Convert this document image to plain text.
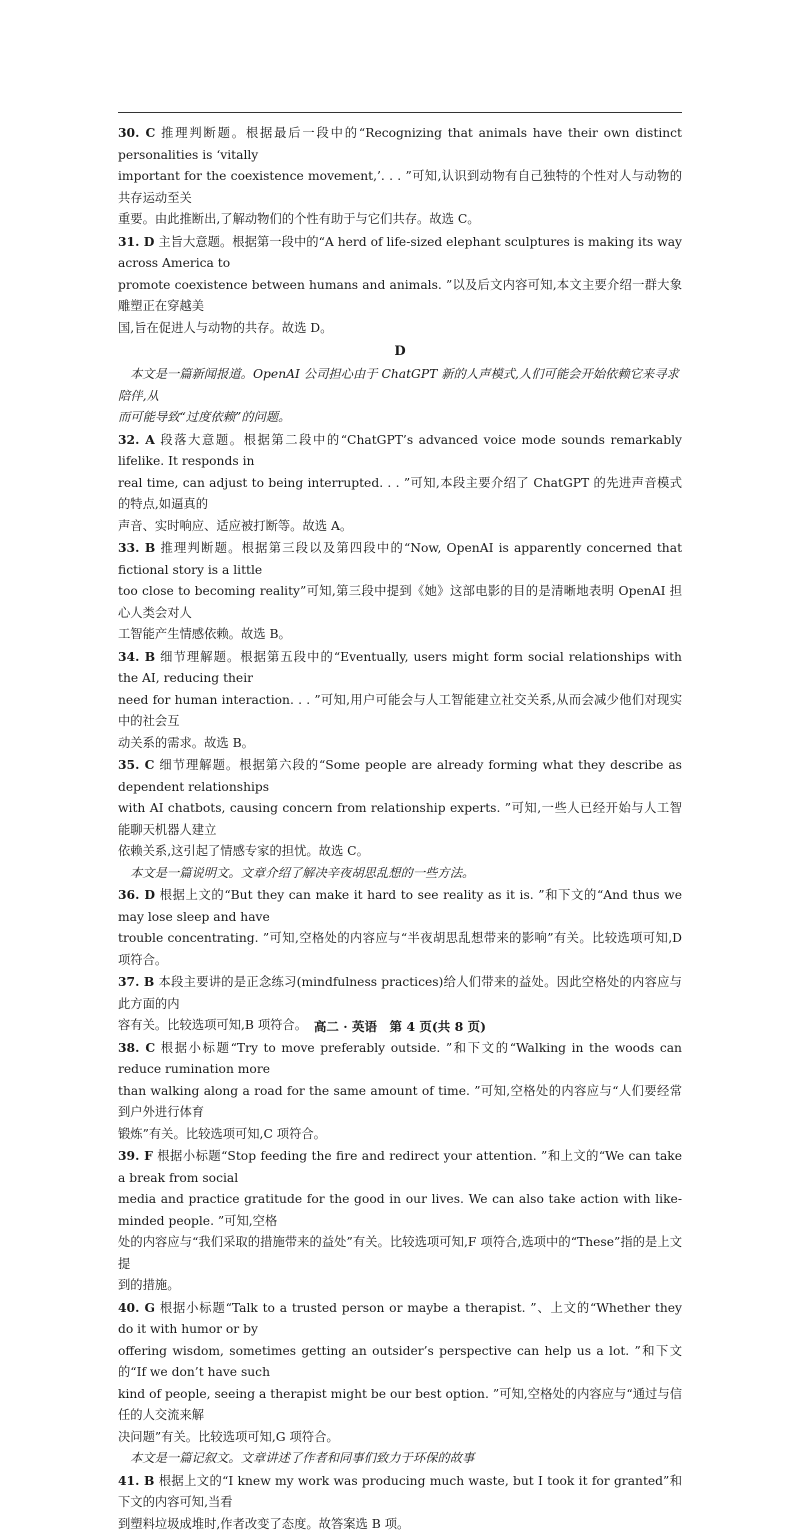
30. C 推理判断题。根据最后一段中的“Recognizing that animals have their own distinct personalities is ‘vitally
important for the coexistence movement,’. . . ”可知,认识到动物有自己独特的个性对人与动物的共存运动至关
重要。由此推断出,了解动物们的个性有助于与它们共存。故选 C。
31. D 主旨大意题。根据第一段中的“A herd of life-sized elephant sculptures is making its way across America to
promote coexistence between humans and animals. ”以及后文内容可知,本文主要介绍一群大象雕塑正在穿越美
国,旨在促进人与动物的共存。故选 D。
D
本文是一篇新闻报道。OpenAI 公司担心由于 ChatGPT 新的人声模式,人们可能会开始依赖它来寻求陪伴,从
而可能导致“过度依赖”的问题。
32. A 段落大意题。根据第二段中的“ChatGPT’s advanced voice mode sounds remarkably lifelike. It responds in
real time, can adjust to being interrupted. . . ”可知,本段主要介绍了 ChatGPT 的先进声音模式的特点,如逼真的
声音、实时响应、适应被打断等。故选 A。
33. B 推理判断题。根据第三段以及第四段中的“Now, OpenAI is apparently concerned that fictional story is a little
too close to becoming reality”可知,第三段中提到《她》这部电影的目的是清晰地表明 OpenAI 担心人类会对人
工智能产生情感依赖。故选 B。
34. B 细节理解题。根据第五段中的“Eventually, users might form social relationships with the AI, reducing their
need for human interaction. . . ”可知,用户可能会与人工智能建立社交关系,从而会减少他们对现实中的社会互
动关系的需求。故选 B。
35. C 细节理解题。根据第六段的“Some people are already forming what they describe as dependent relationships
with AI chatbots, causing concern from relationship experts. ”可知,一些人已经开始与人工智能聊天机器人建立
依赖关系,这引起了情感专家的担忧。故选 C。
本文是一篇说明文。文章介绍了解决辛夜胡思乱想的一些方法。
36. D 根据上文的“But they can make it hard to see reality as it is. ”和下文的“And thus we may lose sleep and have
trouble concentrating. ”可知,空格处的内容应与“半夜胡思乱想带来的影响”有关。比较选项可知,D 项符合。
37. B 本段主要讲的是正念练习(mindfulness practices)给人们带来的益处。因此空格处的内容应与此方面的内
容有关。比较选项可知,B 项符合。
38. C 根据小标题“Try to move preferably outside. ”和下文的“Walking in the woods can reduce rumination more
than walking along a road for the same amount of time. ”可知,空格处的内容应与“人们要经常到户外进行体育
锻炼”有关。比较选项可知,C 项符合。
39. F 根据小标题“Stop feeding the fire and redirect your attention. ”和上文的“We can take a break from social
media and practice gratitude for the good in our lives. We can also take action with like-minded people. ”可知,空格
处的内容应与“我们采取的措施带来的益处”有关。比较选项可知,F 项符合,选项中的“These”指的是上文提
到的措施。
40. G 根据小标题“Talk to a trusted person or maybe a therapist. ”、上文的“Whether they do it with humor or by
offering wisdom, sometimes getting an outsider’s perspective can help us a lot. ”和下文的“If we don’t have such
kind of people, seeing a therapist might be our best option. ”可知,空格处的内容应与“通过与信任的人交流来解
决问题”有关。比较选项可知,G 项符合。
本文是一篇记叙文。文章讲述了作者和同事们致力于环保的故事
41. B 根据上文的“I knew my work was producing much waste, but I took it for granted”和下文的内容可知,当看
到塑料垃圾成堆时,作者改变了态度。故答案选 B 项。
高二 · 英语　第 4 页(共 8 页)
